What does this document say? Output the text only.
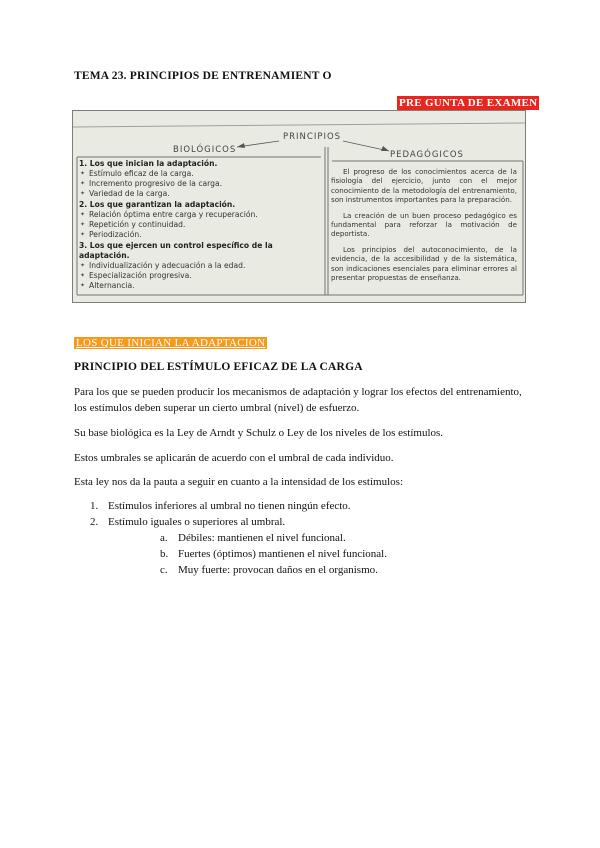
TEMA 23. PRINCIPIOS DE ENTRENAMIENT O
PRE GUNTA DE EXAMEN
PRINCIPIOS
BIOLÓGICOS	PEDAGÓGICOS
1. Los que inician la adaptación.
✦ Estímulo eficaz de la carga.
✦ Incremento progresivo de la carga.
✦ Variedad de la carga.
2. Los que garantizan la adaptación.
✦ Relación óptima entre carga y recuperación.
✦ Repetición y continuidad.
✦ Periodización.
3. Los que ejercen un control específico de la adaptación.
✦ Individualización y adecuación a la edad.
✦ Especialización progresiva.
✦ Alternancia.

El progreso de los conocimientos acerca de la fisiología del ejercicio, junto con el mejor conocimiento de la metodología del entrenamiento, son instrumentos importantes para la preparación.

La creación de un buen proceso pedagógico es fundamental para reforzar la motivación de deportista.

Los principios del autoconocimiento, de la evidencia, de la accesibilidad y de la sistemática, son indicaciones esenciales para eliminar errores al presentar propuestas de enseñanza.

LOS QUE INICIAN LA ADAPTACION
PRINCIPIO DEL ESTÍMULO EFICAZ DE LA CARGA

Para los que se pueden producir los mecanismos de adaptación y lograr los efectos del entrenamiento, los estímulos deben superar un cierto umbral (nivel) de esfuerzo.

Su base biológica es la Ley de Arndt y Schulz o Ley de los niveles de los estímulos.

Estos umbrales se aplicarán de acuerdo con el umbral de cada individuo.

Esta ley nos da la pauta a seguir en cuanto a la intensidad de los estímulos:

1. Estímulos inferiores al umbral no tienen ningún efecto.
2. Estímulo iguales o superiores al umbral.
a. Débiles: mantienen el nivel funcional.
b. Fuertes (óptimos) mantienen el nivel funcional.
c. Muy fuerte: provocan daños en el organismo.
